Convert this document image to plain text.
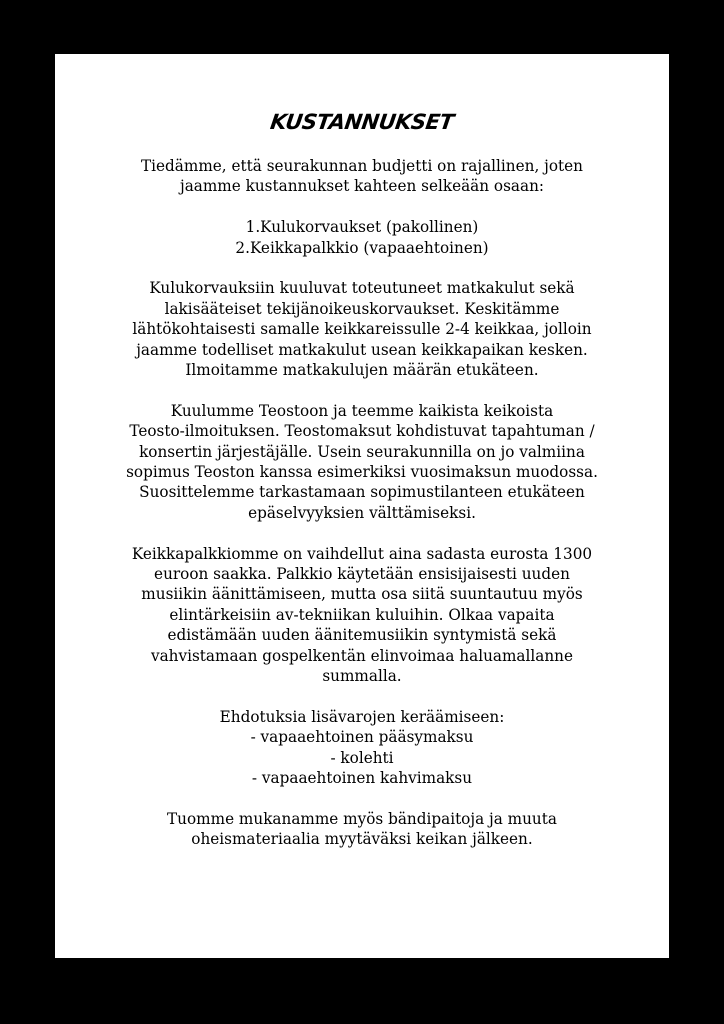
KUSTANNUKSET
Tiedämme, että seurakunnan budjetti on rajallinen, joten
jaamme kustannukset kahteen selkeään osaan:
1.Kulukorvaukset (pakollinen)
2.Keikkapalkkio (vapaaehtoinen)
Kulukorvauksiin kuuluvat toteutuneet matkakulut sekä
lakisääteiset tekijänoikeuskorvaukset. Keskitämme
lähtökohtaisesti samalle keikkareissulle 2-4 keikkaa, jolloin
jaamme todelliset matkakulut usean keikkapaikan kesken.
Ilmoitamme matkakulujen määrän etukäteen.
Kuulumme Teostoon ja teemme kaikista keikoista
Teosto-ilmoituksen. Teostomaksut kohdistuvat tapahtuman /
konsertin järjestäjälle. Usein seurakunnilla on jo valmiina
sopimus Teoston kanssa esimerkiksi vuosimaksun muodossa.
Suosittelemme tarkastamaan sopimustilanteen etukäteen
epäselvyyksien välttämiseksi.
Keikkapalkkiomme on vaihdellut aina sadasta eurosta 1300
euroon saakka. Palkkio käytetään ensisijaisesti uuden
musiikin äänittämiseen, mutta osa siitä suuntautuu myös
elintärkeisiin av-tekniikan kuluihin. Olkaa vapaita
edistämään uuden äänitemusiikin syntymistä sekä
vahvistamaan gospelkentän elinvoimaa haluamallanne
summalla.
Ehdotuksia lisävarojen keräämiseen:
- vapaaehtoinen pääsymaksu
- kolehti
- vapaaehtoinen kahvimaksu
Tuomme mukanamme myös bändipaitoja ja muuta
oheismateriaalia myytäväksi keikan jälkeen.
